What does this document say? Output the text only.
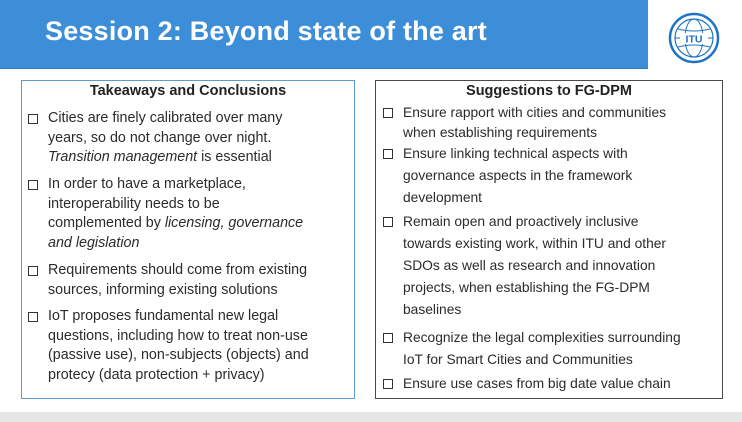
Session 2: Beyond state of the art	ITU
Takeaways and Conclusions
Cities are finely calibrated over many
years, so do not change over night.
Transition management is essential
In order to have a marketplace,
interoperability needs to be
complemented by licensing, governance
and legislation
Requirements should come from existing
sources, informing existing solutions
IoT proposes fundamental new legal
questions, including how to treat non-use
(passive use), non-subjects (objects) and
protecy (data protection + privacy)
Suggestions to FG-DPM
Ensure rapport with cities and communities
when establishing requirements
Ensure linking technical aspects with
governance aspects in the framework
development
Remain open and proactively inclusive
towards existing work, within ITU and other
SDOs as well as research and innovation
projects, when establishing the FG-DPM
baselines
Recognize the legal complexities surrounding
IoT for Smart Cities and Communities
Ensure use cases from big date value chain
